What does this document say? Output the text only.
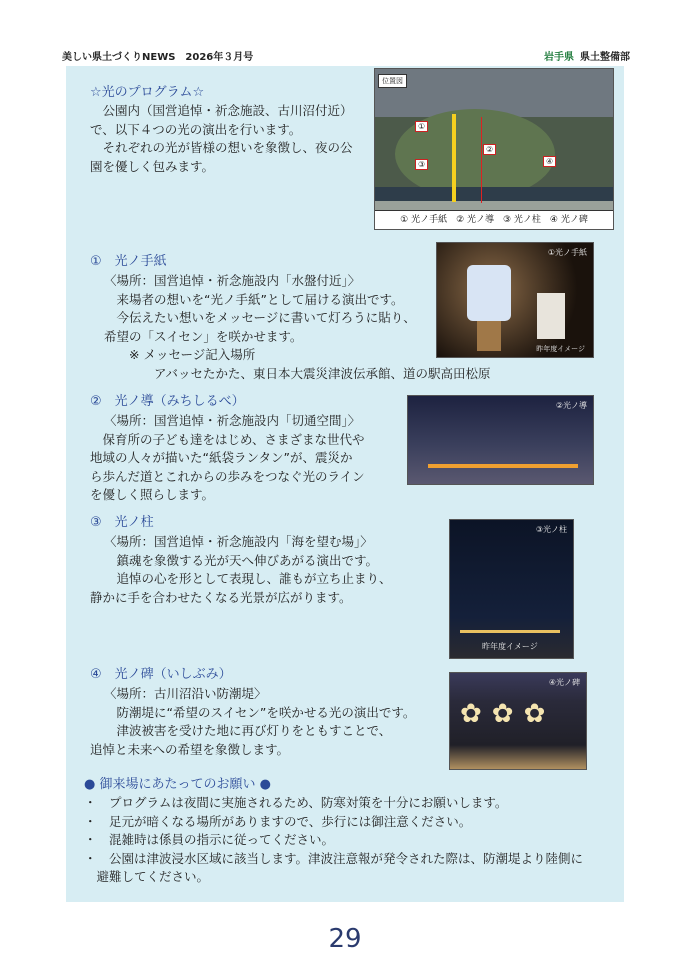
美しい県土づくりNEWS　2026年３月号	岩手県 県土整備部
☆光のプログラム☆
　公園内（国営追悼・祈念施設、古川沼付近）
で、以下４つの光の演出を行います。
　それぞれの光が皆様の想いを象徴し、夜の公
園を優しく包みます。
位置図
①
②
③	④
① 光ノ手紙　② 光ノ導　③ 光ノ柱　④ 光ノ碑
①　光ノ手紙
〈場所：国営追悼・祈念施設内「水盤付近」〉
　来場者の想いを“光ノ手紙”として届ける演出です。
　今伝えたい想いをメッセージに書いて灯ろうに貼り、
希望の「スイセン」を咲かせます。
　　※ メッセージ記入場所
　　　　アバッセたかた、東日本大震災津波伝承館、道の駅高田松原
①光ノ手紙
昨年度イメージ
②　光ノ導（みちしるべ）
〈場所：国営追悼・祈念施設内「切通空間」〉
　保育所の子ども達をはじめ、さまざまな世代や
地域の人々が描いた“紙袋ランタン”が、震災か
ら歩んだ道とこれからの歩みをつなぐ光のライン
を優しく照らします。
②光ノ導
③　光ノ柱
〈場所：国営追悼・祈念施設内「海を望む場」〉
　鎮魂を象徴する光が天へ伸びあがる演出です。
　追悼の心を形として表現し、誰もが立ち止まり、
静かに手を合わせたくなる光景が広がります。
③光ノ柱
昨年度イメージ
④　光ノ碑（いしぶみ）
〈場所：古川沼沿い防潮堤〉
　防潮堤に“希望のスイセン”を咲かせる光の演出です。
　津波被害を受けた地に再び灯りをともすことで、
追悼と未来への希望を象徴します。
✿✿✿
④光ノ碑
● 御来場にあたってのお願い ●
・　プログラムは夜間に実施されるため、防寒対策を十分にお願いします。
・　足元が暗くなる場所がありますので、歩行には御注意ください。
・　混雑時は係員の指示に従ってください。
・　公園は津波浸水区域に該当します。津波注意報が発令された際は、防潮堤より陸側に
　避難してください。
29
